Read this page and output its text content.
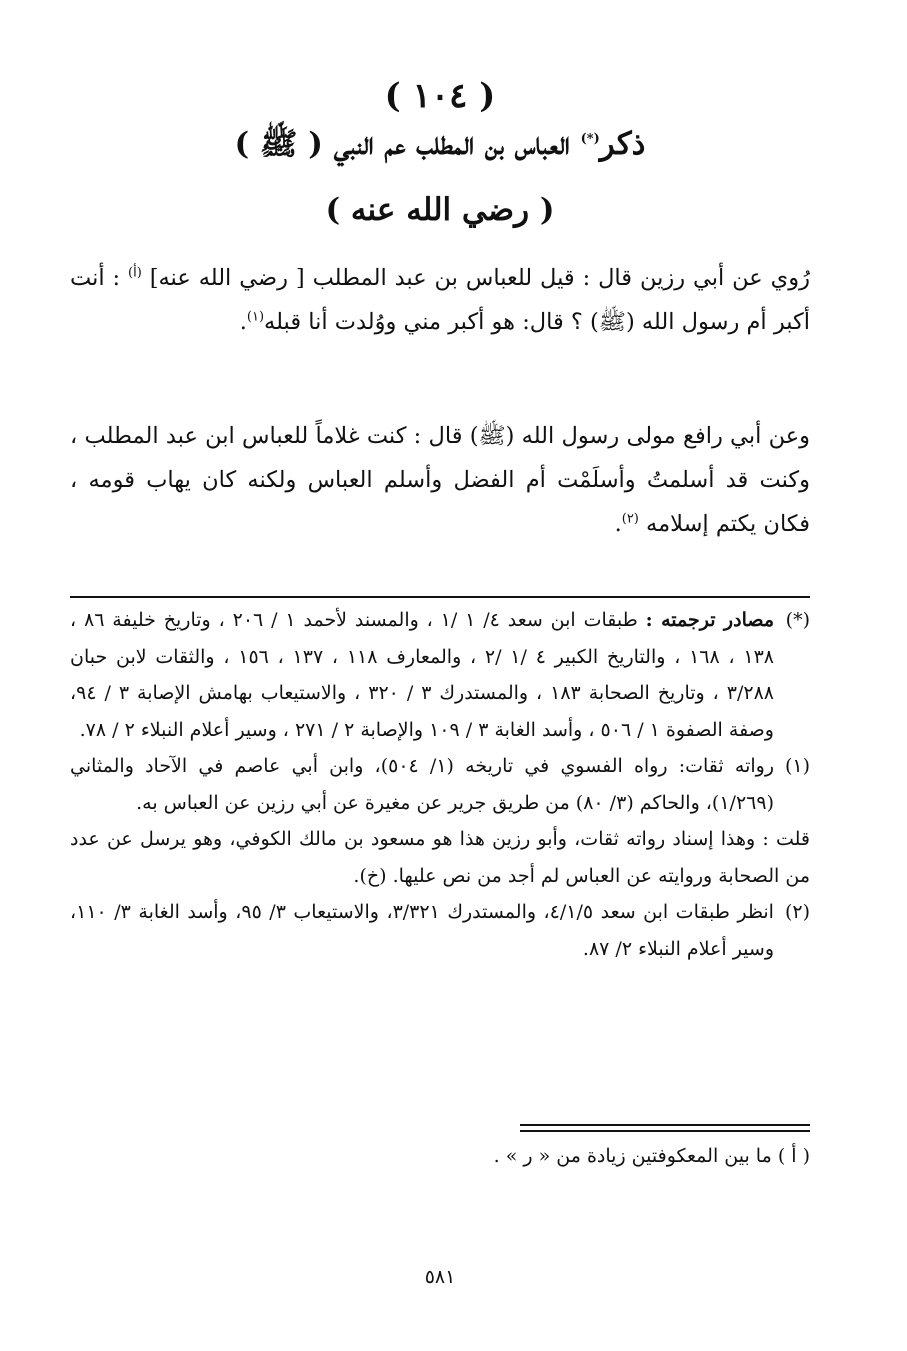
( ١٠٤ )
ذكر(*) العباس بن المطلب عم النبي ( ﷺ )
( رضي الله عنه )

رُوي عن أبي رزين قال : قيل للعباس بن عبد المطلب [ رضي الله عنه] $^{(أ)}$ : أنت أكبر أم رسول الله (ﷺ) ؟ قال: هو أكبر مني ووُلدت أنا قبله$^{(١)}$.

وعن أبي رافع مولى رسول الله (ﷺ) قال : كنت غلاماً للعباس ابن عبد المطلب ، وكنت قد أسلمتُ وأسلَمْت أم الفضل وأسلم العباس ولكنه كان يهاب قومه ، فكان يكتم إسلامه $^{(٢)}$.

(*)
مصادر ترجمته : طبقات ابن سعد ٤/ ١ /١ ، والمسند لأحمد ١ / ٢٠٦ ، وتاريخ خليفة ٨٦ ، ١٣٨ ، ١٦٨ ، والتاريخ الكبير ٤ /١ /٢ ، والمعارف ١١٨ ، ١٣٧ ، ١٥٦ ، والثقات لابن حبان ٣/٢٨٨ ، وتاريخ الصحابة ١٨٣ ، والمستدرك ٣ / ٣٢٠ ، والاستيعاب بهامش الإصابة ٣ / ٩٤، وصفة الصفوة ١ / ٥٠٦ ، وأسد الغابة ٣ / ١٠٩ والإصابة ٢ / ٢٧١ ، وسير أعلام النبلاء ٢ / ٧٨.

(١)
رواته ثقات: رواه الفسوي في تاريخه (١/ ٥٠٤)، وابن أبي عاصم في الآحاد والمثاني (١/٢٦٩)، والحاكم (٣/ ٨٠) من طريق جرير عن مغيرة عن أبي رزين عن العباس به.

قلت : وهذا إسناد رواته ثقات، وأبو رزين هذا هو مسعود بن مالك الكوفي، وهو يرسل عن عدد من الصحابة وروايته عن العباس لم أجد من نص عليها. (خ).

(٢)
انظر طبقات ابن سعد ٤/١/٥، والمستدرك ٣/٣٢١، والاستيعاب ٣/ ٩٥، وأسد الغابة ٣/ ١١٠، وسير أعلام النبلاء ٢/ ٨٧.

( أ ) ما بين المعكوفتين زيادة من « ر » .
٥٨١
